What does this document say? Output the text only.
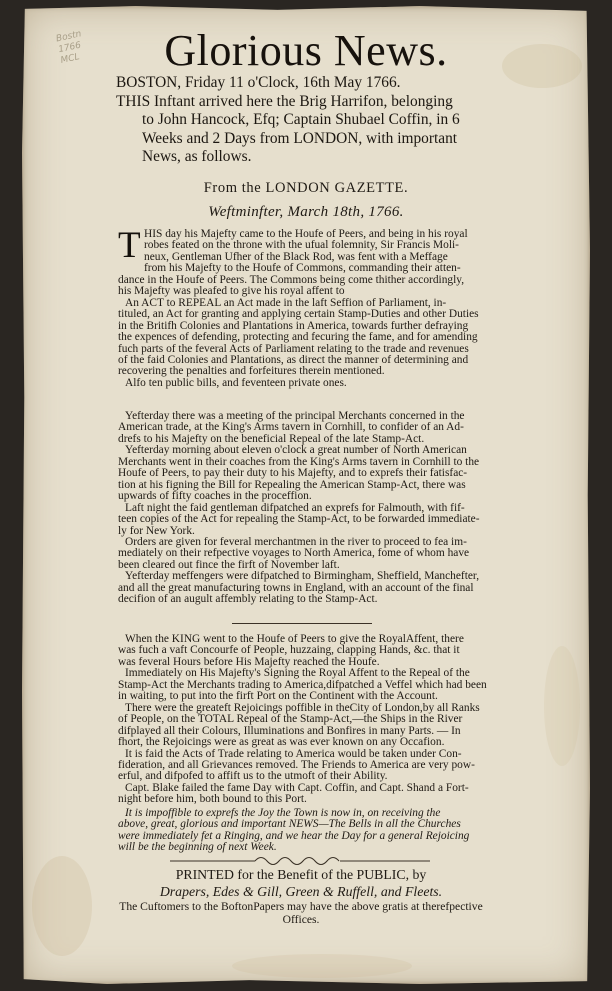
Bostn
1766
MCL	Glorious News.
BOSTON, Friday 11 o'Clock, 16th May 1766.
THIS Inftant arrived here the Brig Harrifon, belonging
to John Hancock, Efq; Captain Shubael Coffin, in 6
Weeks and 2 Days from LONDON, with important
News, as follows.
From the LONDON GAZETTE.
Weftminfter, March 18th, 1766.
T HIS day his Majefty came to the Houfe of Peers, and being in his royal
robes feated on the throne with the ufual folemnity, Sir Francis Moli-
neux, Gentleman Ufher of the Black Rod, was fent with a Meffage
from his Majefty to the Houfe of Commons, commanding their atten-
dance in the Houfe of Peers. The Commons being come thither accordingly,
his Majefty was pleafed to give his royal affent to
An ACT to REPEAL an Act made in the laft Seffion of Parliament, in-
tituled, an Act for granting and applying certain Stamp-Duties and other Duties
in the Britifh Colonies and Plantations in America, towards further defraying
the expences of defending, protecting and fecuring the fame, and for amending
fuch parts of the feveral Acts of Parliament relating to the trade and revenues
of the faid Colonies and Plantations, as direct the manner of determining and
recovering the penalties and forfeitures therein mentioned.
Alfo ten public bills, and feventeen private ones.
Yefterday there was a meeting of the principal Merchants concerned in the
American trade, at the King's Arms tavern in Cornhill, to confider of an Ad-
drefs to his Majefty on the beneficial Repeal of the late Stamp-Act.
Yefterday morning about eleven o'clock a great number of North American
Merchants went in their coaches from the King's Arms tavern in Cornhill to the
Houfe of Peers, to pay their duty to his Majefty, and to exprefs their fatisfac-
tion at his figning the Bill for Repealing the American Stamp-Act, there was
upwards of fifty coaches in the proceffion.
Laft night the faid gentleman difpatched an exprefs for Falmouth, with fif-
teen copies of the Act for repealing the Stamp-Act, to be forwarded immediate-
ly for New York.
Orders are given for feveral merchantmen in the river to proceed to fea im-
mediately on their refpective voyages to North America, fome of whom have
been cleared out fince the firft of November laft.
Yefterday meffengers were difpatched to Birmingham, Sheffield, Manchefter,
and all the great manufacturing towns in England, with an account of the final
decifion of an augult affembly relating to the Stamp-Act.
When the KING went to the Houfe of Peers to give the RoyalAffent, there
was fuch a vaft Concourfe of People, huzzaing, clapping Hands, &c. that it
was feveral Hours before His Majefty reached the Houfe.
Immediately on His Majefty's Signing the Royal Affent to the Repeal of the
Stamp-Act the Merchants trading to America,difpatched a Veffel which had been
in waiting, to put into the firft Port on the Continent with the Account.
There were the greateft Rejoicings poffible in theCity of London,by all Ranks
of People, on the TOTAL Repeal of the Stamp-Act,—the Ships in the River
difplayed all their Colours, Illuminations and Bonfires in many Parts. — In
fhort, the Rejoicings were as great as was ever known on any Occafion.
It is faid the Acts of Trade relating to America would be taken under Con-
fideration, and all Grievances removed. The Friends to America are very pow-
erful, and difpofed to affift us to the utmoft of their Ability.
Capt. Blake failed the fame Day with Capt. Coffin, and Capt. Shand a Fort-
night before him, both bound to this Port.
It is impoffible to exprefs the Joy the Town is now in, on receiving the
above, great, glorious and important NEWS—The Bells in all the Churches
were immediately fet a Ringing, and we hear the Day for a general Rejoicing
will be the beginning of next Week.
PRINTED for the Benefit of the PUBLIC, by
Drapers, Edes & Gill, Green & Ruffell, and Fleets.
The Cuftomers to the BoftonPapers may have the above gratis at therefpective
Offices.
